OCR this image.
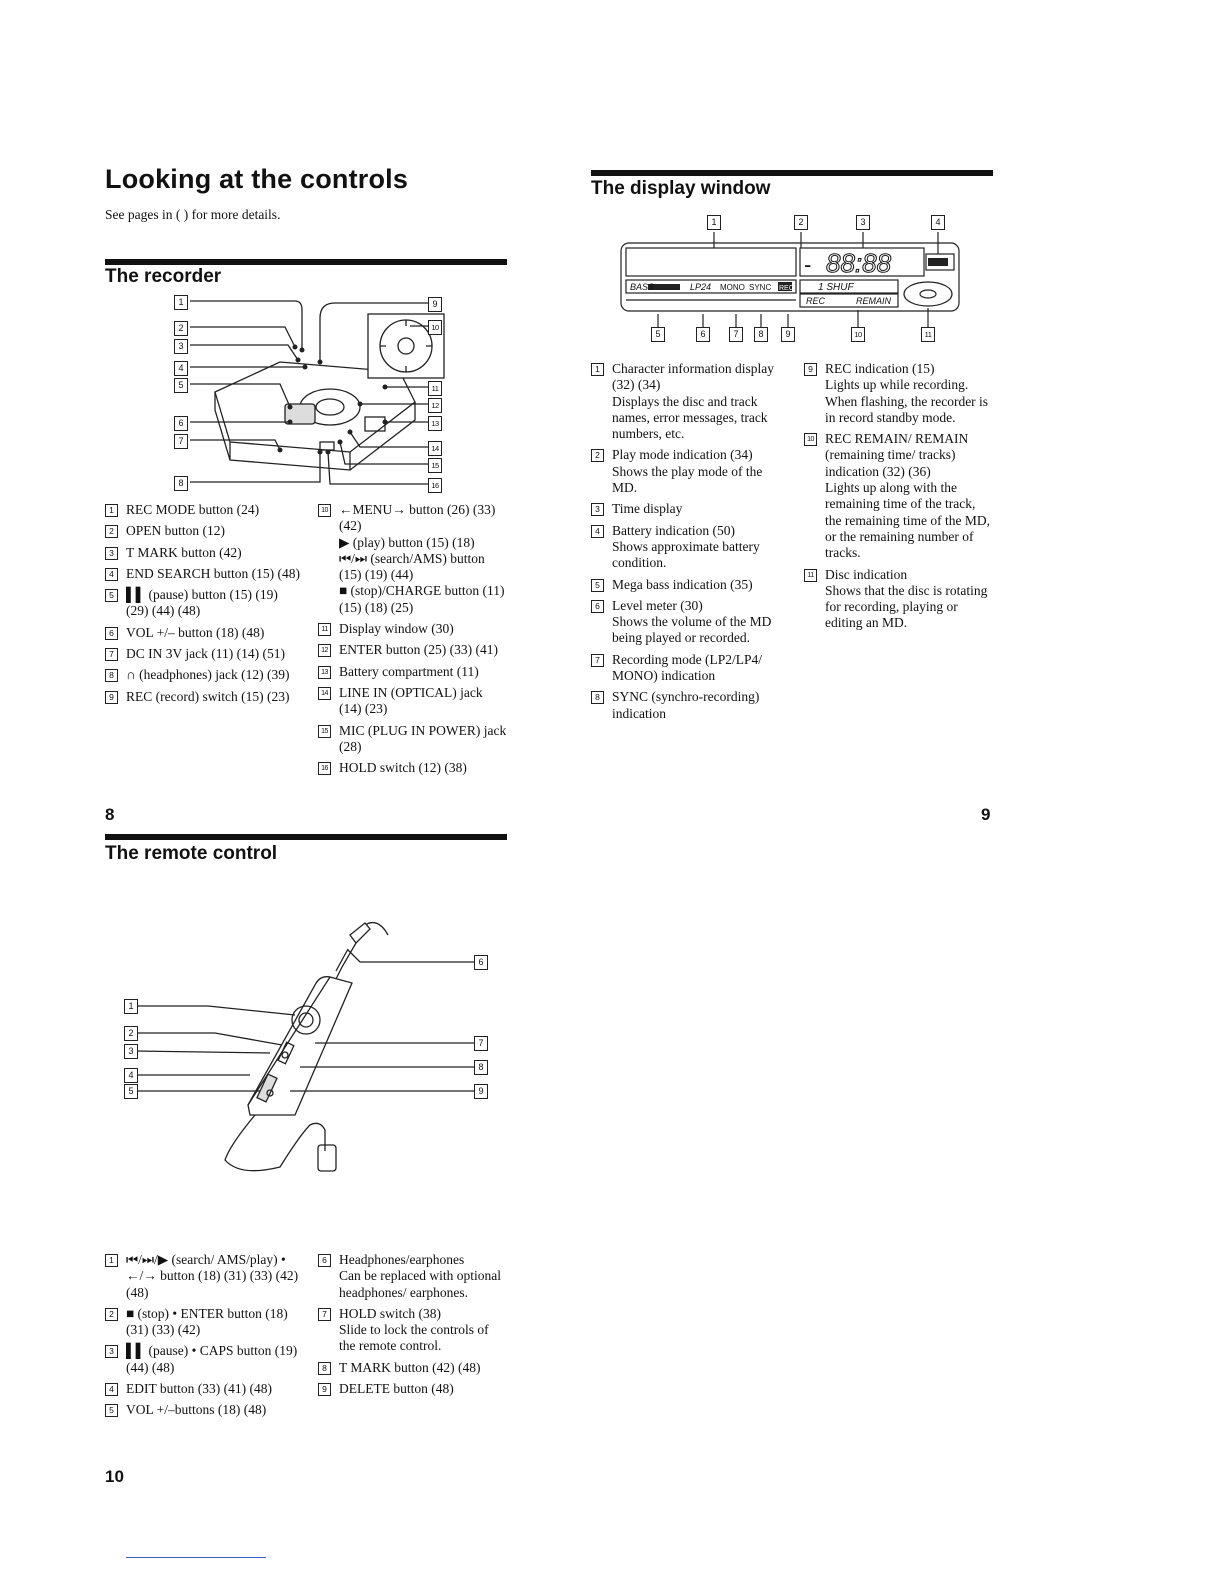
Looking at the controls
See pages in ( ) for more details.
The recorder
1
2
3
4
5
6
7
8
9
10
11
12
13
14
15
16
1 REC MODE button (24)
2 OPEN button (12)
3 T MARK button (42)
4 END SEARCH button (15) (48)
5 ▌▌ (pause) button (15) (19) (29) (44) (48)
6 VOL +/– button (18) (48)
7 DC IN 3V jack (11) (14) (51)
8 ∩ (headphones) jack (12) (39)
9 REC (record) switch (15) (23)
10 ←MENU→ button (26) (33) (42)
▶ (play) button (15) (18)
⏮/⏭ (search/AMS) button (15) (19) (44)
■ (stop)/CHARGE button (11) (15) (18) (25)
11 Display window (30)
12 ENTER button (25) (33) (41)
13 Battery compartment (11)
14 LINE IN (OPTICAL) jack (14) (23)
15 MIC (PLUG IN POWER) jack (28)
16 HOLD switch (12) (38)
8
The display window
BASS	LP24 MONO SYNC REC 1 SHUF
REC	REMAIN
- 88:88
1	2	3	4
5	6	7	8	9	10	11
1 Character information display (32) (34)
Displays the disc and track names, error messages, track numbers, etc.
2 Play mode indication (34)
Shows the play mode of the MD.
3 Time display
4 Battery indication (50)
Shows approximate battery condition.
5 Mega bass indication (35)
6 Level meter (30)
Shows the volume of the MD being played or recorded.
7 Recording mode (LP2/LP4/ MONO) indication
8 SYNC (synchro-recording) indication
9 REC indication (15)
Lights up while recording. When flashing, the recorder is in record standby mode.
10 REC REMAIN/ REMAIN (remaining time/ tracks) indication (32) (36)
Lights up along with the remaining time of the track, the remaining time of the MD, or the remaining number of tracks.
11 Disc indication
Shows that the disc is rotating for recording, playing or editing an MD.
9
The remote control
1
2
3
4
5
6
7
8
9
1 ⏮/⏭/▶ (search/ AMS/play) •
←/→ button (18) (31) (33) (42) (48)
2 ■ (stop) • ENTER button (18) (31) (33) (42)
3 ▌▌ (pause) • CAPS button (19) (44) (48)
4 EDIT button (33) (41) (48)
5 VOL +/–buttons (18) (48)
6 Headphones/earphones
Can be replaced with optional headphones/ earphones.
7 HOLD switch (38)
Slide to lock the controls of the remote control.
8 T MARK button (42) (48)
9 DELETE button (48)
10
